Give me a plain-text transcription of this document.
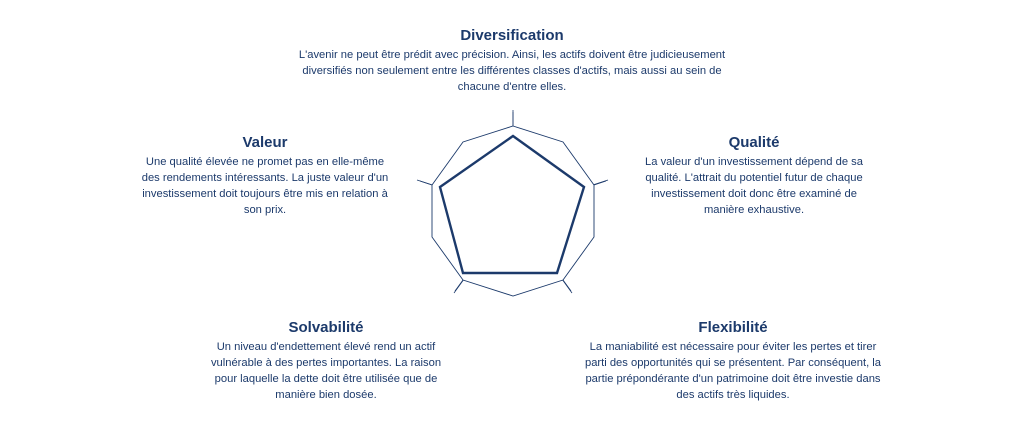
Diversification

L'avenir ne peut être prédit avec précision. Ainsi, les actifs doivent être judicieusement diversifiés non seulement entre les différentes classes d'actifs, mais aussi au sein de chacune d'entre elles.

Valeur

Une qualité élevée ne promet pas en elle-même des rendements intéressants. La juste valeur d'un investissement doit toujours être mis en relation à son prix.

Qualité

La valeur d'un investissement dépend de sa qualité. L'attrait du potentiel futur de chaque investissement doit donc être examiné de manière exhaustive.

Solvabilité

Un niveau d'endettement élevé rend un actif vulnérable à des pertes importantes. La raison pour laquelle la dette doit être utilisée que de manière bien dosée.

Flexibilité

La maniabilité est nécessaire pour éviter les pertes et tirer parti des opportunités qui se présentent. Par conséquent, la partie prépondérante d'un patrimoine doit être investie dans des actifs très liquides.
